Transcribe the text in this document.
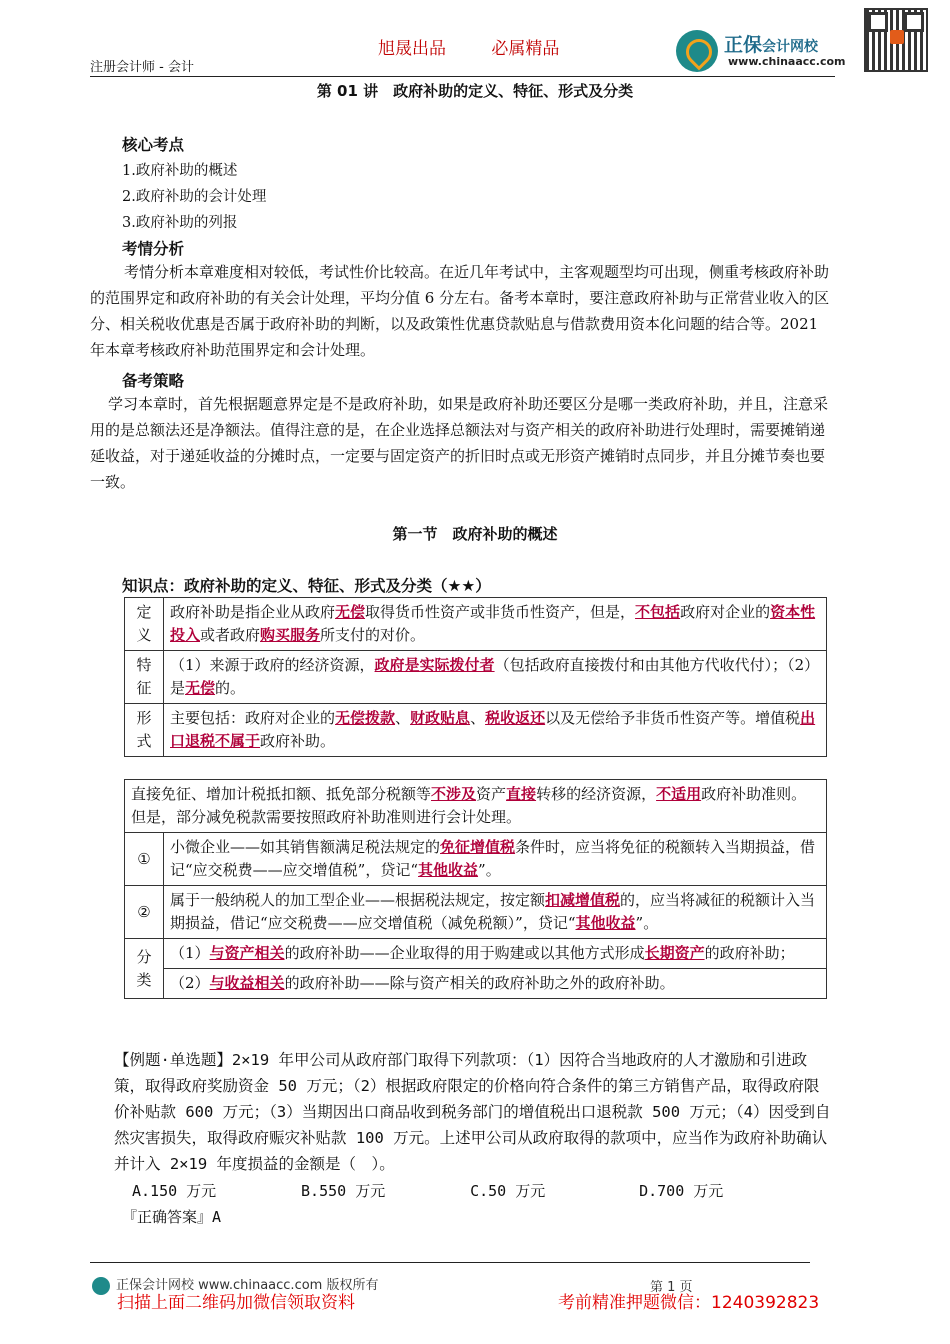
旭晟出品	必属精品
注册会计师 - 会计
正保会计网校
www.chinaacc.com
第 01 讲　政府补助的定义、特征、形式及分类
核心考点
1.政府补助的概述
2.政府补助的会计处理
3.政府补助的列报
考情分析
考情分析本章难度相对较低，考试性价比较高。在近几年考试中，主客观题型均可出现，侧重考核政府补助的范围界定和政府补助的有关会计处理，平均分值 6 分左右。备考本章时，要注意政府补助与正常营业收入的区分、相关税收优惠是否属于政府补助的判断，以及政策性优惠贷款贴息与借款费用资本化问题的结合等。2021 年本章考核政府补助范围界定和会计处理。
备考策略
学习本章时，首先根据题意界定是不是政府补助，如果是政府补助还要区分是哪一类政府补助，并且，注意采用的是总额法还是净额法。值得注意的是，在企业选择总额法对与资产相关的政府补助进行处理时，需要摊销递延收益，对于递延收益的分摊时点，一定要与固定资产的折旧时点或无形资产摊销时点同步，并且分摊节奏也要一致。
第一节　政府补助的概述
知识点：政府补助的定义、特征、形式及分类（★★）
定
义	政府补助是指企业从政府无偿取得货币性资产或非货币性资产，但是，不包括政府对企业的资本性投入或者政府购买服务所支付的对价。
特
征	（1）来源于政府的经济资源，政府是实际拨付者（包括政府直接拨付和由其他方代收代付）；（2）是无偿的。
形
式	主要包括：政府对企业的无偿拨款、财政贴息、税收返还以及无偿给予非货币性资产等。增值税出口退税不属于政府补助。
直接免征、增加计税抵扣额、抵免部分税额等不涉及资产直接转移的经济资源，不适用政府补助准则。但是，部分减免税款需要按照政府补助准则进行会计处理。	
①	小微企业——如其销售额满足税法规定的免征增值税条件时，应当将免征的税额转入当期损益，借记“应交税费——应交增值税”，贷记“其他收益”。
②	属于一般纳税人的加工型企业——根据税法规定，按定额扣减增值税的，应当将减征的税额计入当期损益，借记“应交税费——应交增值税（减免税额）”，贷记“其他收益”。
分
类	（1）与资产相关的政府补助——企业取得的用于购建或以其他方式形成长期资产的政府补助；
	（2）与收益相关的政府补助——除与资产相关的政府补助之外的政府补助。
【例题·单选题】2×19 年甲公司从政府部门取得下列款项：（1）因符合当地政府的人才激励和引进政策，取得政府奖励资金 50 万元；（2）根据政府限定的价格向符合条件的第三方销售产品，取得政府限价补贴款 600 万元；（3）当期因出口商品收到税务部门的增值税出口退税款 500 万元；（4）因受到自然灾害损失，取得政府赈灾补贴款 100 万元。上述甲公司从政府取得的款项中，应当作为政府补助确认并计入 2×19 年度损益的金额是（　）。
A.150 万元	B.550 万元	C.50 万元	D.700 万元
『正确答案』A
正保会计网校 www.chinaacc.com 版权所有	第 1 页
扫描上面二维码加微信领取资料	考前精准押题微信：1240392823
